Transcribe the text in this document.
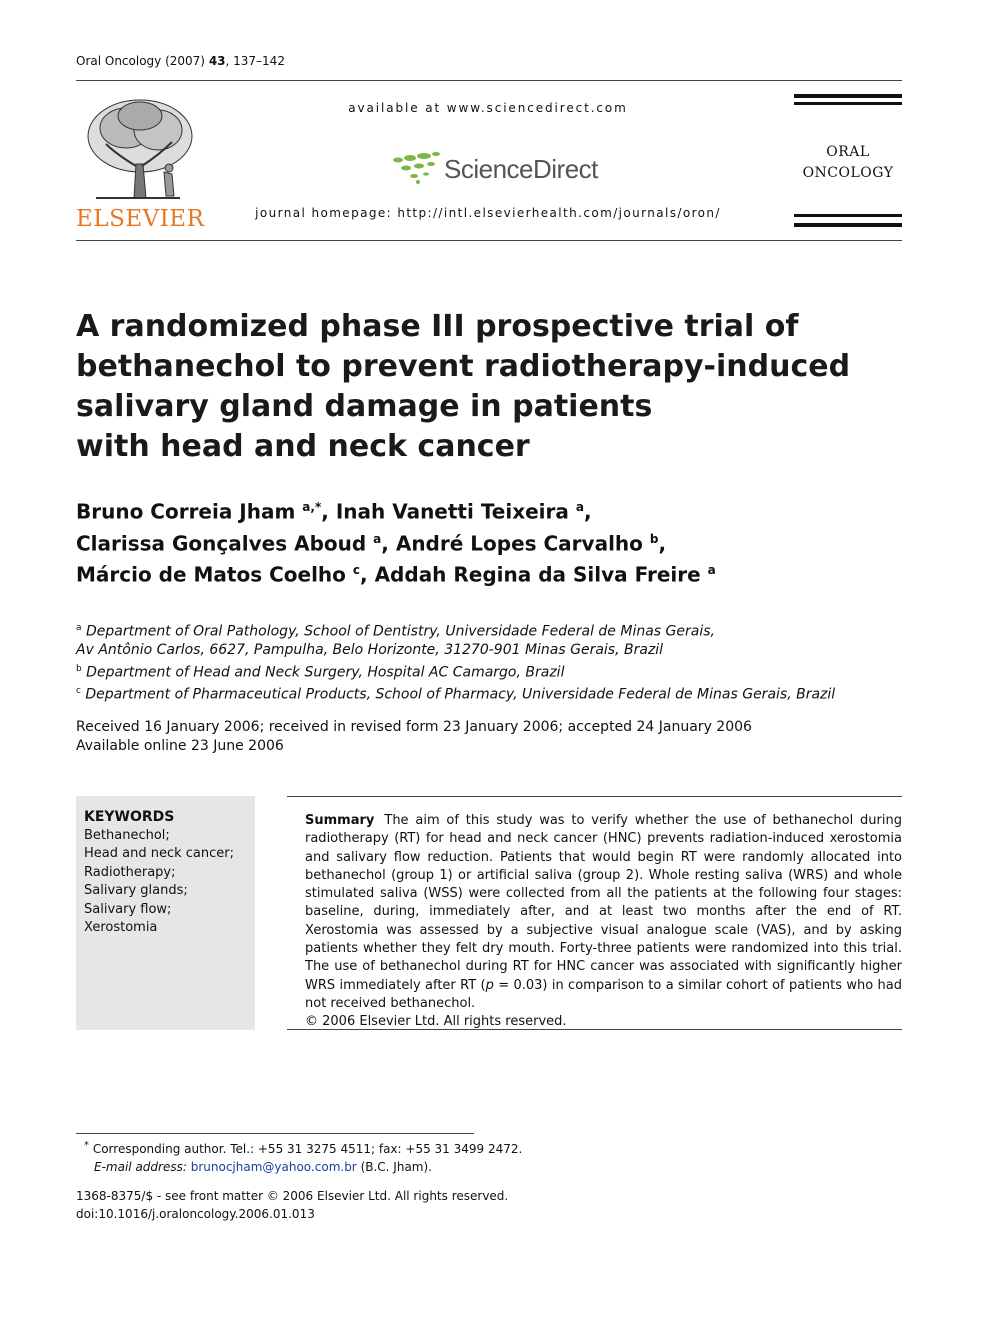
Oral Oncology (2007) 43, 137–142
ELSEVIER
available at www.sciencedirect.com
ScienceDirect
journal homepage: http://intl.elsevierhealth.com/journals/oron/
ORAL
ONCOLOGY
A randomized phase III prospective trial of
bethanechol to prevent radiotherapy-induced
salivary gland damage in patients
with head and neck cancer
Bruno Correia Jham $^{a,*}$, Inah Vanetti Teixeira $^a$,
Clarissa Gonçalves Aboud $^a$, André Lopes Carvalho $^b$,
Márcio de Matos Coelho $^c$, Addah Regina da Silva Freire $^a$
$^a$ Department of Oral Pathology, School of Dentistry, Universidade Federal de Minas Gerais,
Av Antônio Carlos, 6627, Pampulha, Belo Horizonte, 31270-901 Minas Gerais, Brazil
$^b$ Department of Head and Neck Surgery, Hospital AC Camargo, Brazil
$^c$ Department of Pharmaceutical Products, School of Pharmacy, Universidade Federal de Minas Gerais, Brazil
Received 16 January 2006; received in revised form 23 January 2006; accepted 24 January 2006
Available online 23 June 2006
KEYWORDS
Bethanechol;
Head and neck cancer;
Radiotherapy;
Salivary glands;
Salivary flow;
Xerostomia
Summary The aim of this study was to verify whether the use of bethanechol during radiotherapy (RT) for head and neck cancer (HNC) prevents radiation-induced xerostomia and salivary flow reduction. Patients that would begin RT were randomly allocated into bethanechol (group 1) or artificial saliva (group 2). Whole resting saliva (WRS) and whole stimulated saliva (WSS) were collected from all the patients at the following four stages: baseline, during, immediately after, and at least two months after the end of RT. Xerostomia was assessed by a subjective visual analogue scale (VAS), and by asking patients whether they felt dry mouth. Forty-three patients were randomized into this trial. The use of bethanechol during RT for HNC cancer was associated with significantly higher WRS immediately after RT (p = 0.03) in comparison to a similar cohort of patients who had not received bethanechol.
© 2006 Elsevier Ltd. All rights reserved.
* Corresponding author. Tel.: +55 31 3275 4511; fax: +55 31 3499 2472.
E-mail address: brunocjham@yahoo.com.br (B.C. Jham).
1368-8375/$ - see front matter © 2006 Elsevier Ltd. All rights reserved.
doi:10.1016/j.oraloncology.2006.01.013
